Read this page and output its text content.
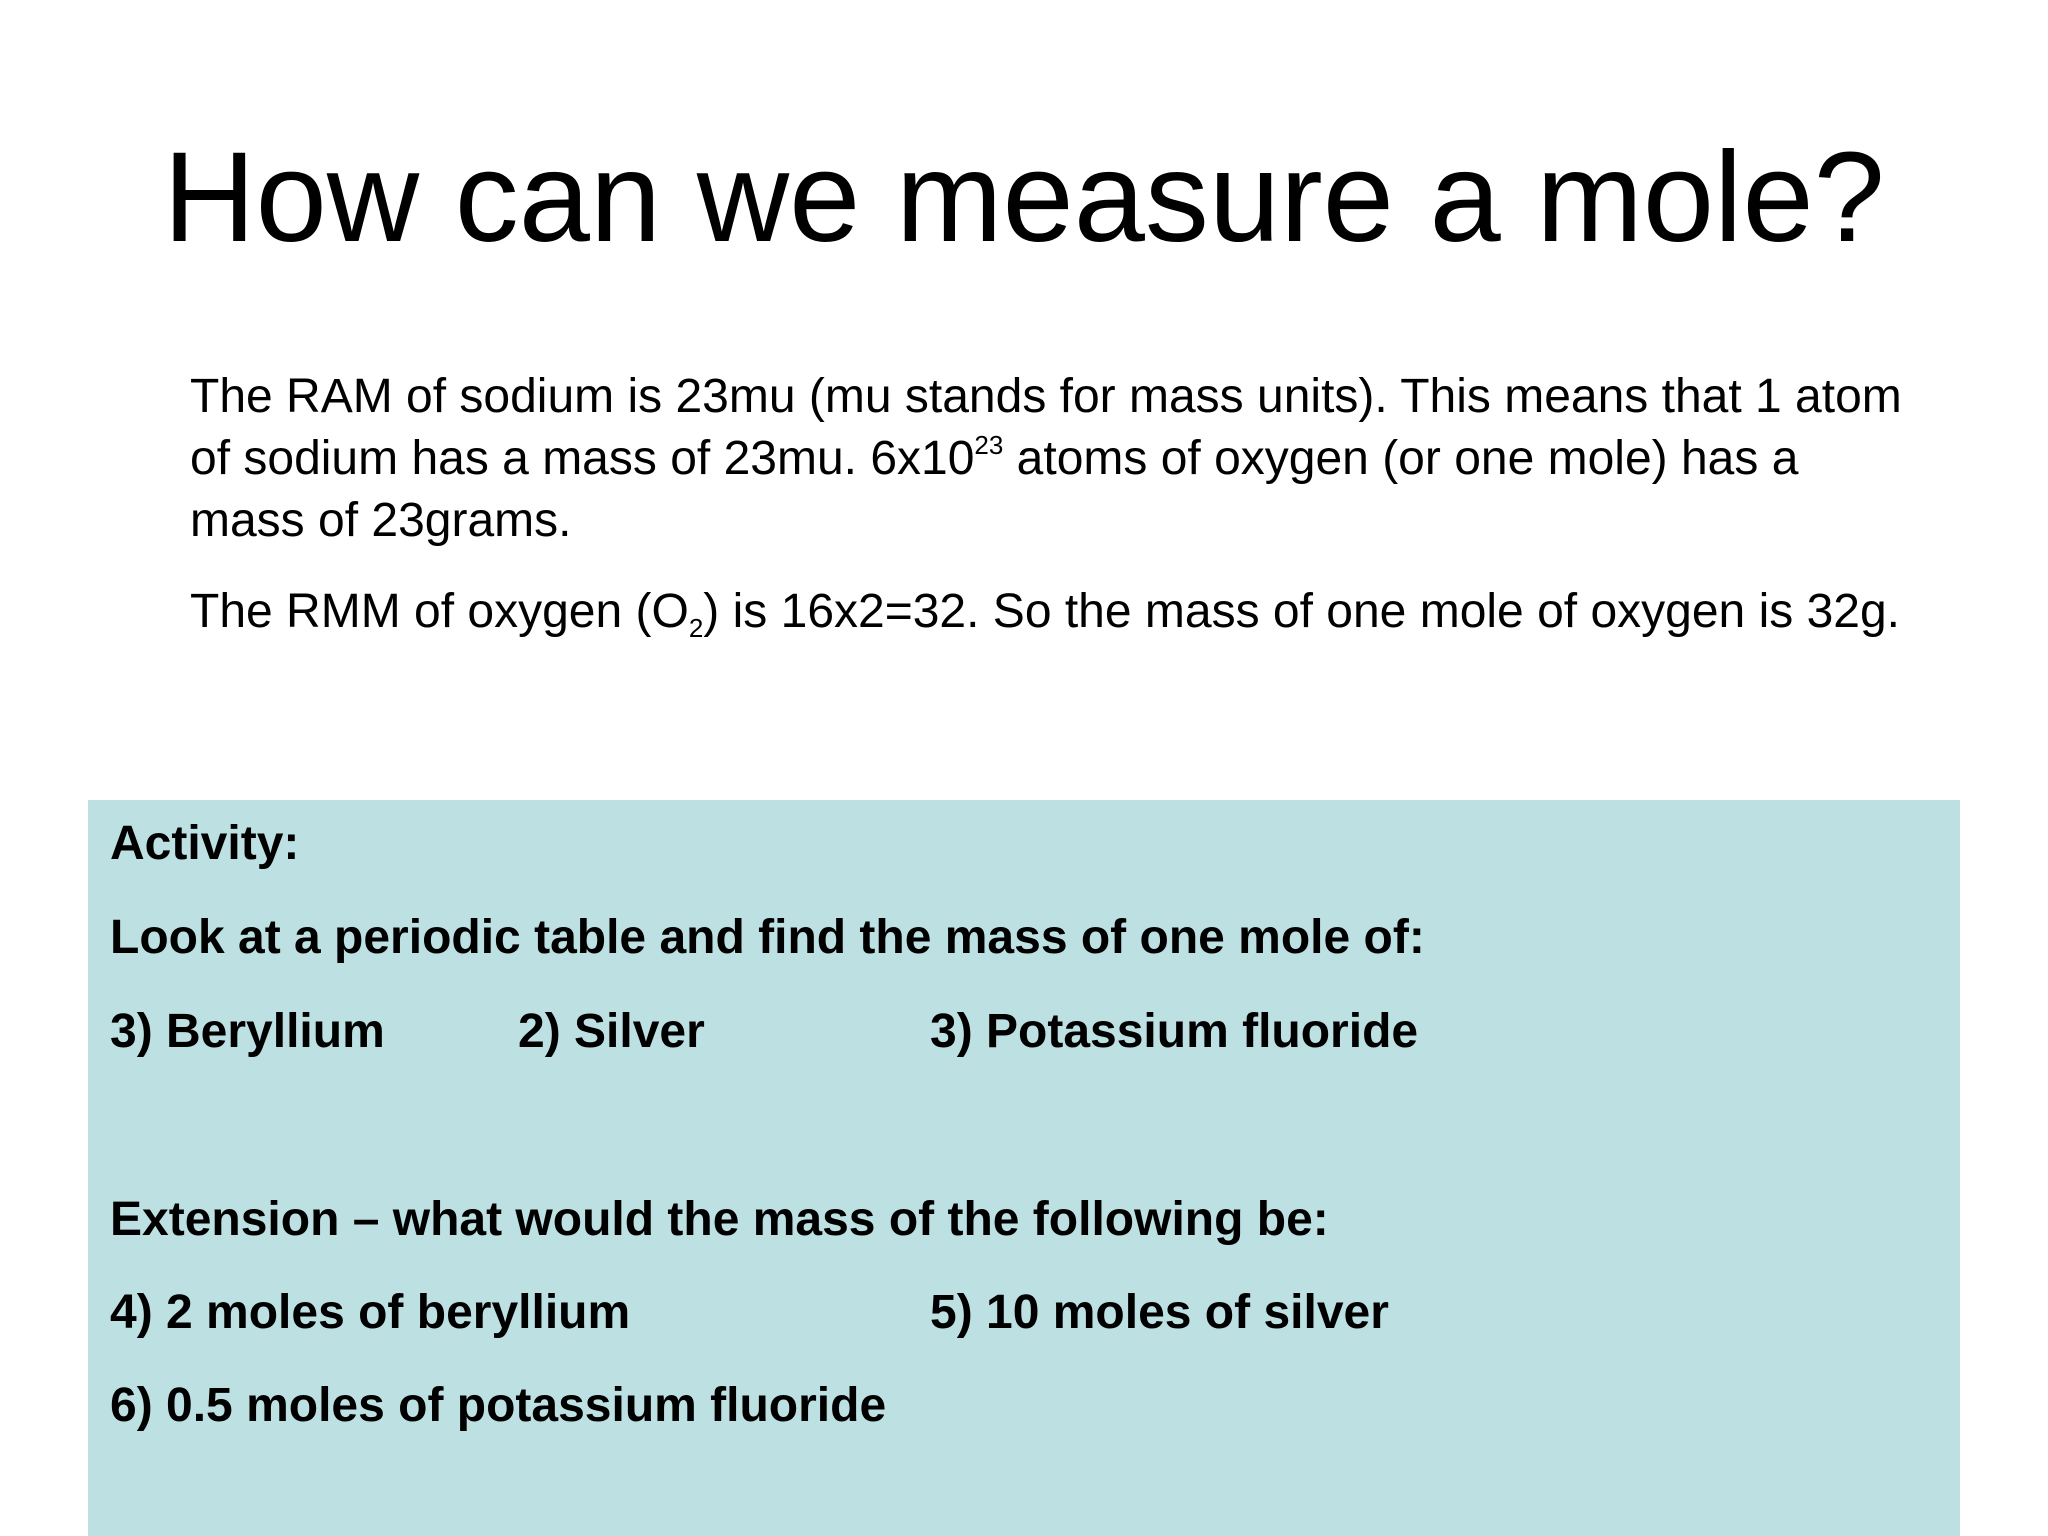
How can we measure a mole?

The RAM of sodium is 23mu (mu stands for mass units). This means that 1 atom of sodium has a mass of 23mu. $6x10^{23}$ atoms of oxygen (or one mole) has a mass of 23grams.

The RMM of oxygen $(O_2)$ is 16x2=32. So the mass of one mole of oxygen is 32g.

Activity:

Look at a periodic table and find the mass of one mole of:

3) Beryllium	2) Silver	3) Potassium fluoride

Extension – what would the mass of the following be:

4) 2 moles of beryllium	5) 10 moles of silver

6) 0.5 moles of potassium fluoride
